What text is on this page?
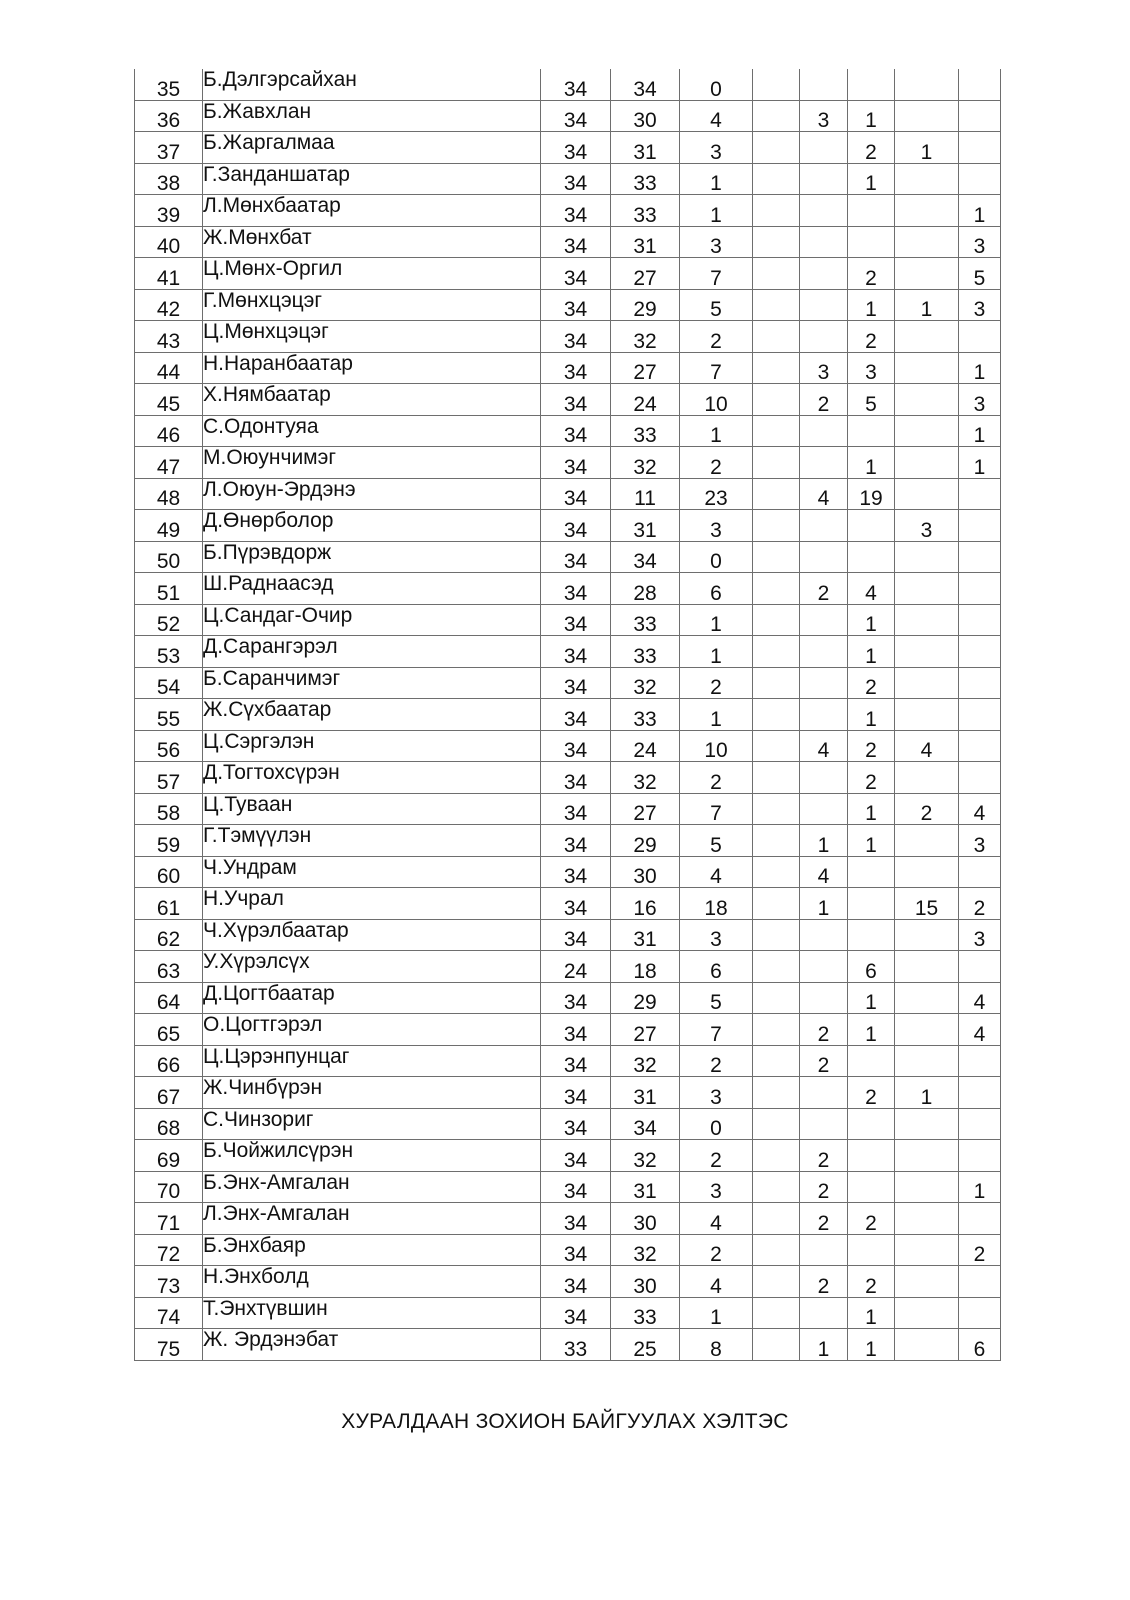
35	Б.Дэлгэрсайхан	34	34	0					
36	Б.Жавхлан	34	30	4		3	1		
37	Б.Жаргалмаа	34	31	3			2	1	
38	Г.Занданшатар	34	33	1			1		
39	Л.Мөнхбаатар	34	33	1					1
40	Ж.Мөнхбат	34	31	3					3
41	Ц.Мөнх-Оргил	34	27	7			2		5
42	Г.Мөнхцэцэг	34	29	5			1	1	3
43	Ц.Мөнхцэцэг	34	32	2			2		
44	Н.Наранбаатар	34	27	7		3	3		1
45	Х.Нямбаатар	34	24	10		2	5		3
46	С.Одонтуяа	34	33	1					1
47	М.Оюунчимэг	34	32	2			1		1
48	Л.Оюун-Эрдэнэ	34	11	23		4	19		
49	Д.Өнөрболор	34	31	3				3	
50	Б.Пүрэвдорж	34	34	0					
51	Ш.Раднаасэд	34	28	6		2	4		
52	Ц.Сандаг-Очир	34	33	1			1		
53	Д.Сарангэрэл	34	33	1			1		
54	Б.Саранчимэг	34	32	2			2		
55	Ж.Сүхбаатар	34	33	1			1		
56	Ц.Сэргэлэн	34	24	10		4	2	4	
57	Д.Тогтохсүрэн	34	32	2			2		
58	Ц.Туваан	34	27	7			1	2	4
59	Г.Тэмүүлэн	34	29	5		1	1		3
60	Ч.Ундрам	34	30	4		4			
61	Н.Учрал	34	16	18		1		15	2
62	Ч.Хүрэлбаатар	34	31	3					3
63	У.Хүрэлсүх	24	18	6			6		
64	Д.Цогтбаатар	34	29	5			1		4
65	О.Цогтгэрэл	34	27	7		2	1		4
66	Ц.Цэрэнпунцаг	34	32	2		2			
67	Ж.Чинбүрэн	34	31	3			2	1	
68	С.Чинзориг	34	34	0					
69	Б.Чойжилсүрэн	34	32	2		2			
70	Б.Энх-Амгалан	34	31	3		2			1
71	Л.Энх-Амгалан	34	30	4		2	2		
72	Б.Энхбаяр	34	32	2					2
73	Н.Энхболд	34	30	4		2	2		
74	Т.Энхтүвшин	34	33	1			1		
75	Ж. Эрдэнэбат	33	25	8		1	1		6
ХУРАЛДААН ЗОХИОН БАЙГУУЛАХ ХЭЛТЭС
